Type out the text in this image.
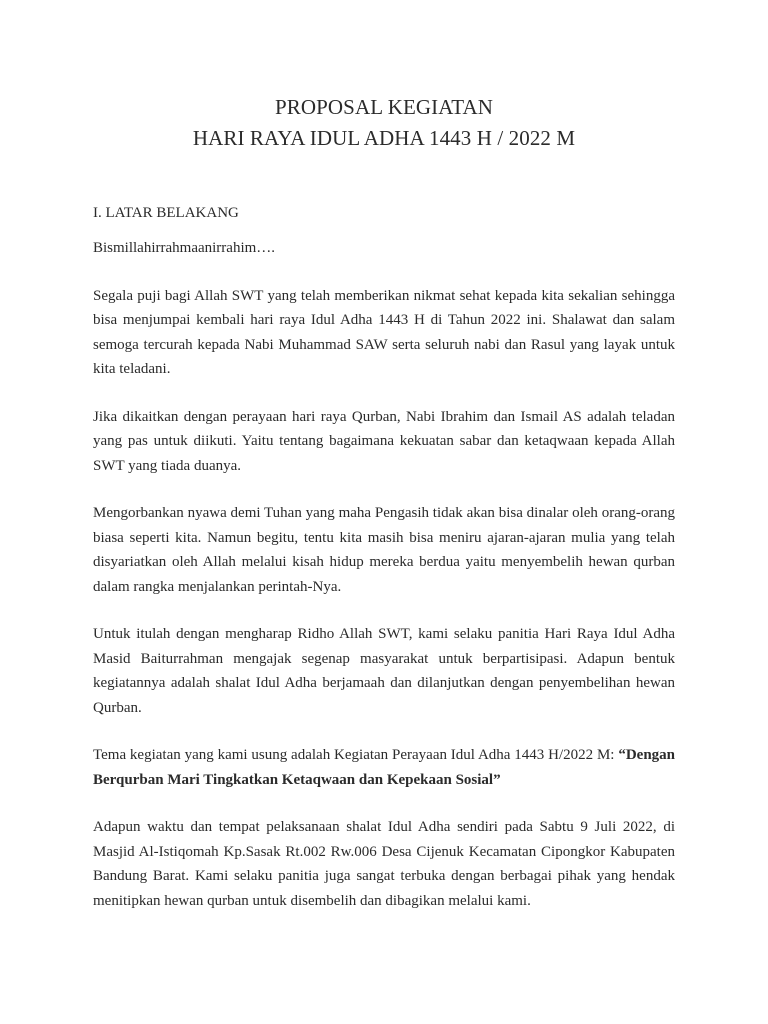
PROPOSAL KEGIATAN
HARI RAYA IDUL ADHA 1443 H / 2022 M
I. LATAR BELAKANG

Bismillahirrahmaanirrahim….

Segala puji bagi Allah SWT yang telah memberikan nikmat sehat kepada kita sekalian sehingga bisa menjumpai kembali hari raya Idul Adha 1443 H di Tahun 2022 ini. Shalawat dan salam semoga tercurah kepada Nabi Muhammad SAW serta seluruh nabi dan Rasul yang layak untuk kita teladani.

Jika dikaitkan dengan perayaan hari raya Qurban, Nabi Ibrahim dan Ismail AS adalah teladan yang pas untuk diikuti. Yaitu tentang bagaimana kekuatan sabar dan ketaqwaan kepada Allah SWT yang tiada duanya.

Mengorbankan nyawa demi Tuhan yang maha Pengasih tidak akan bisa dinalar oleh orang-orang biasa seperti kita. Namun begitu, tentu kita masih bisa meniru ajaran-ajaran mulia yang telah disyariatkan oleh Allah melalui kisah hidup mereka berdua yaitu menyembelih hewan qurban dalam rangka menjalankan perintah-Nya.

Untuk itulah dengan mengharap Ridho Allah SWT, kami selaku panitia Hari Raya Idul Adha Masid Baiturrahman mengajak segenap masyarakat untuk berpartisipasi. Adapun bentuk kegiatannya adalah shalat Idul Adha berjamaah dan dilanjutkan dengan penyembelihan hewan Qurban.

Tema kegiatan yang kami usung adalah Kegiatan Perayaan Idul Adha 1443 H/2022 M: “Dengan Berqurban Mari Tingkatkan Ketaqwaan dan Kepekaan Sosial”

Adapun waktu dan tempat pelaksanaan shalat Idul Adha sendiri pada Sabtu 9 Juli 2022, di Masjid Al-Istiqomah Kp.Sasak Rt.002 Rw.006 Desa Cijenuk Kecamatan Cipongkor Kabupaten Bandung Barat. Kami selaku panitia juga sangat terbuka dengan berbagai pihak yang hendak menitipkan hewan qurban untuk disembelih dan dibagikan melalui kami.
